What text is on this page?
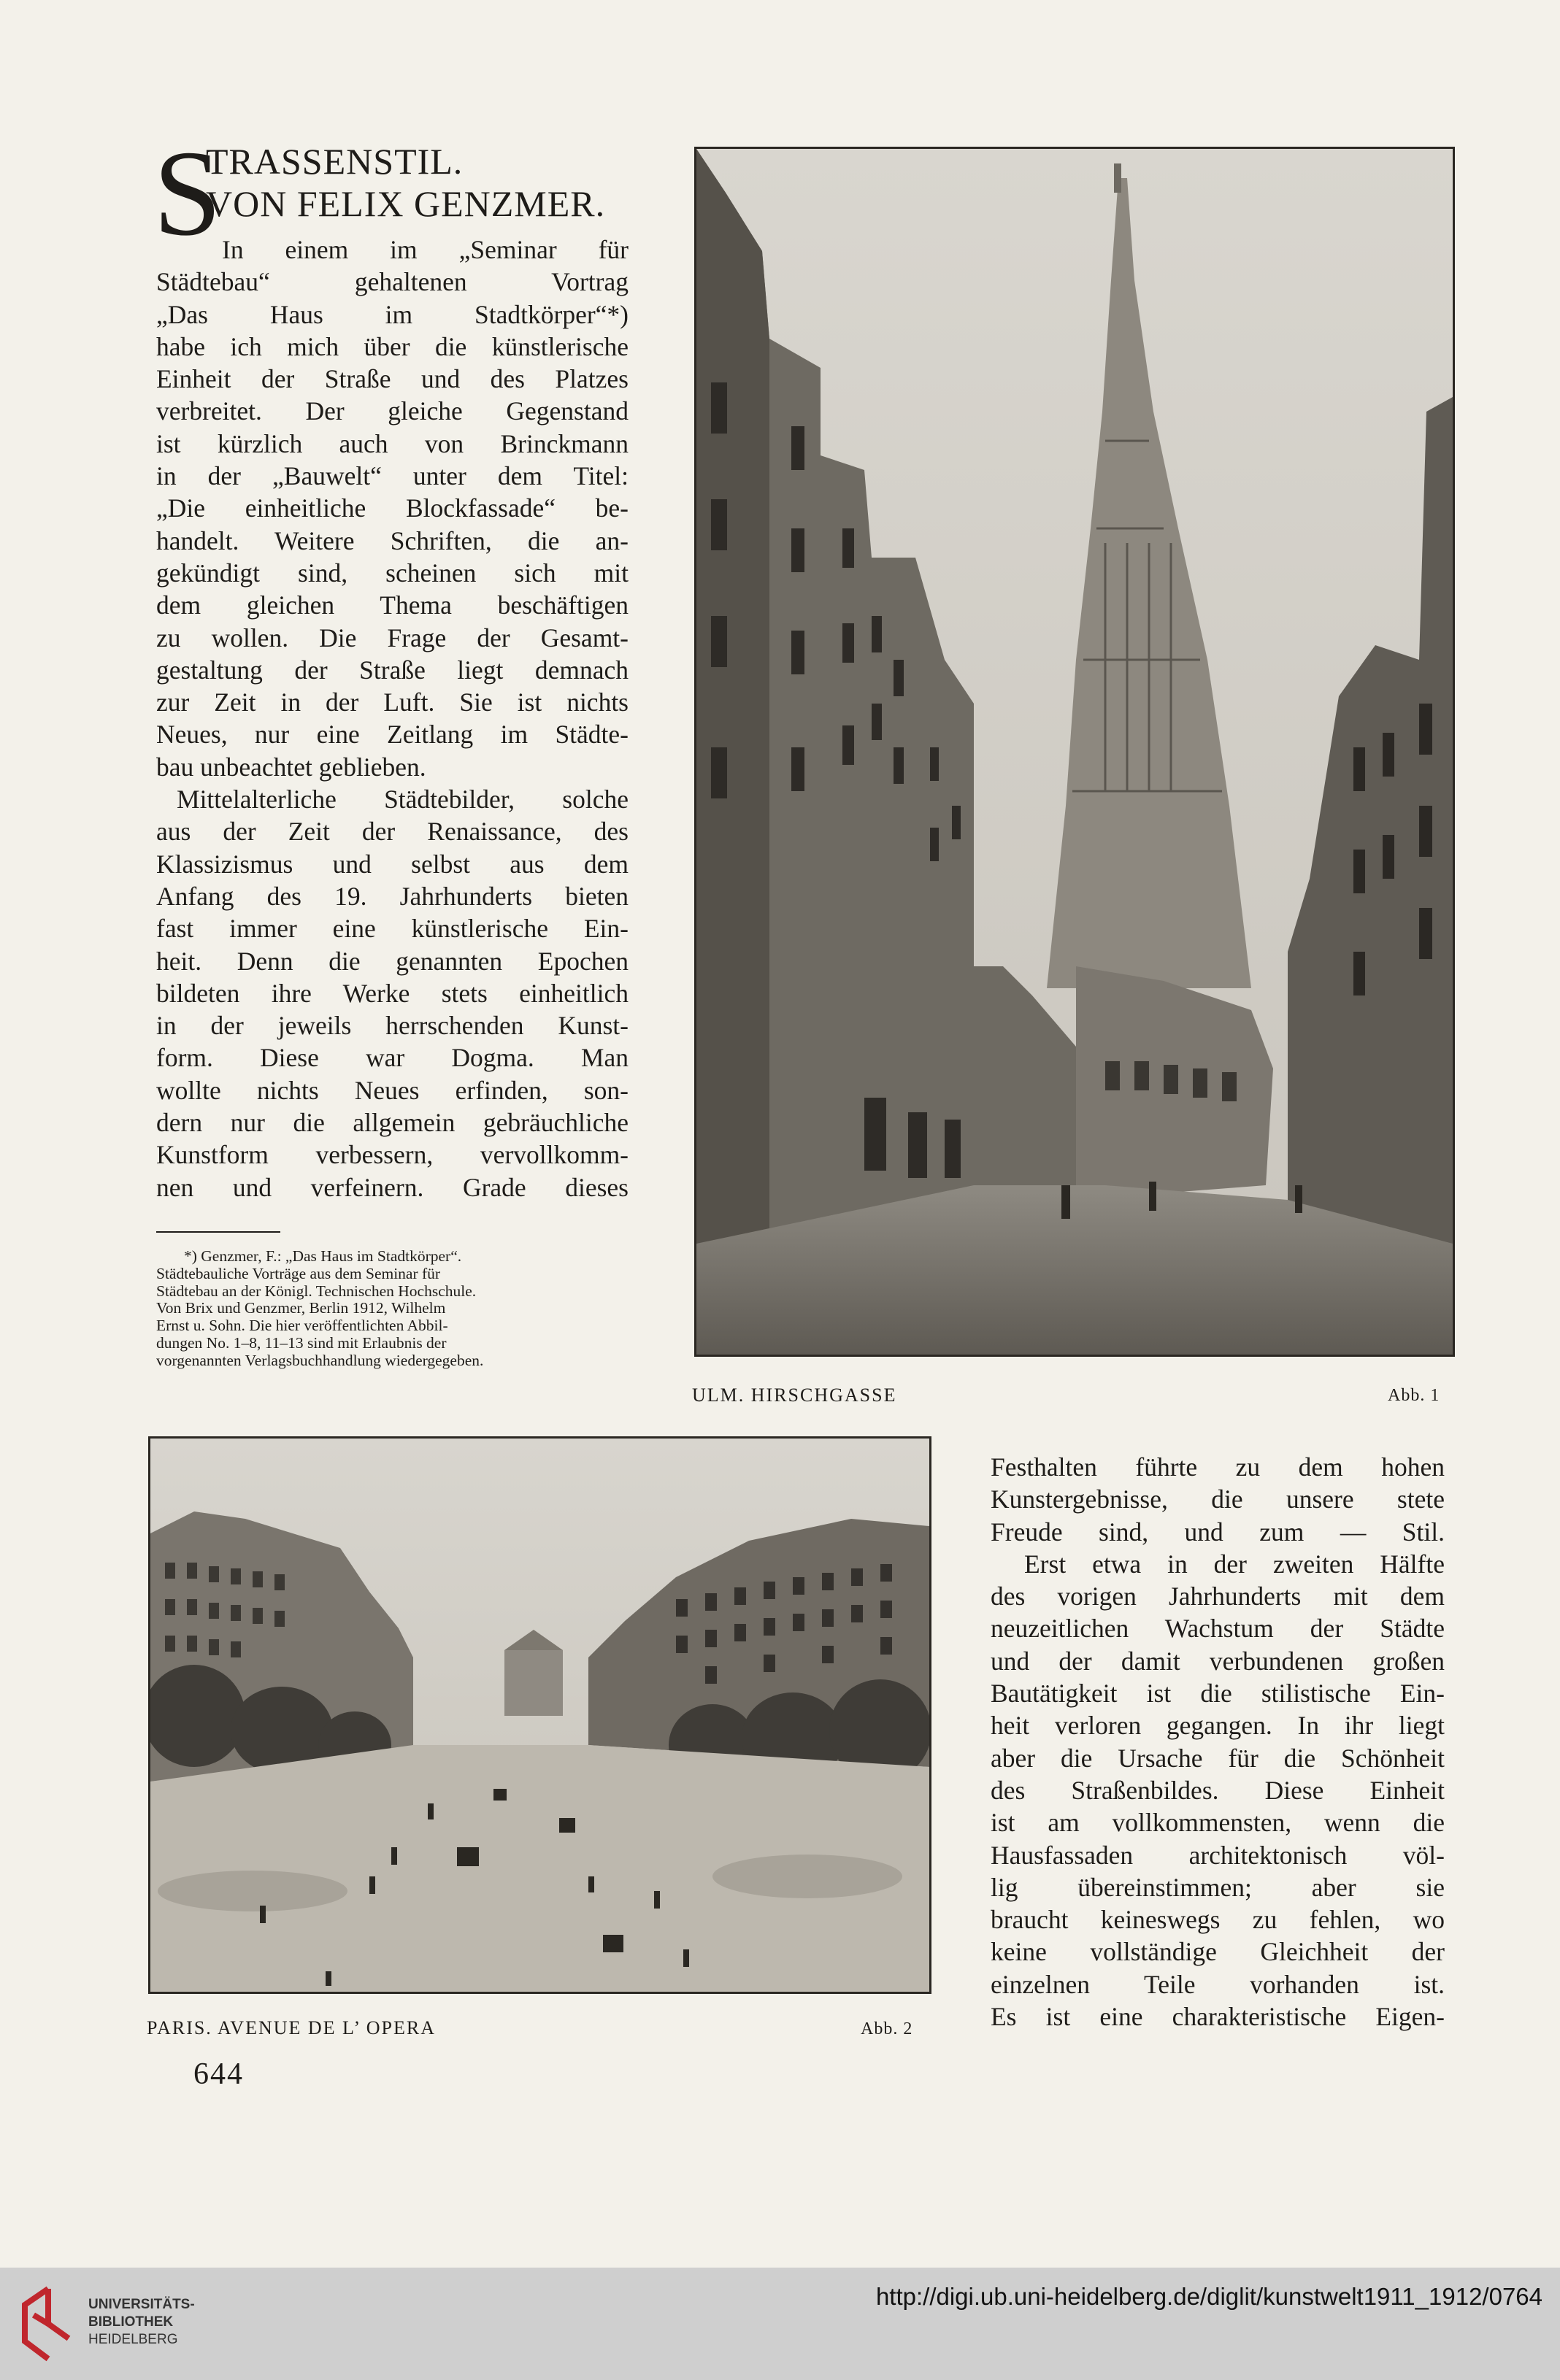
S
TRASSENSTIL.
VON FELIX GENZMER.
In einem im „Seminar für
Städtebau“ gehaltenen Vortrag
„Das Haus im Stadtkörper“*)
habe ich mich über die künstlerische
Einheit der Straße und des Platzes
verbreitet. Der gleiche Gegenstand
ist kürzlich auch von Brinckmann
in der „Bauwelt“ unter dem Titel:
„Die einheitliche Blockfassade“ be-
handelt. Weitere Schriften, die an-
gekündigt sind, scheinen sich mit
dem gleichen Thema beschäftigen
zu wollen. Die Frage der Gesamt-
gestaltung der Straße liegt demnach
zur Zeit in der Luft. Sie ist nichts
Neues, nur eine Zeitlang im Städte-
bau unbeachtet geblieben.
Mittelalterliche Städtebilder, solche
aus der Zeit der Renaissance, des
Klassizismus und selbst aus dem
Anfang des 19. Jahrhunderts bieten
fast immer eine künstlerische Ein-
heit. Denn die genannten Epochen
bildeten ihre Werke stets einheitlich
in der jeweils herrschenden Kunst-
form. Diese war Dogma. Man
wollte nichts Neues erfinden, son-
dern nur die allgemein gebräuchliche
Kunstform verbessern, vervollkomm-
nen und verfeinern. Grade dieses
*) Genzmer, F.: „Das Haus im Stadtkörper“.
Städtebauliche Vorträge aus dem Seminar für
Städtebau an der Königl. Technischen Hochschule.
Von Brix und Genzmer, Berlin 1912, Wilhelm
Ernst u. Sohn. Die hier veröffentlichten Abbil-
dungen No. 1–8, 11–13 sind mit Erlaubnis der
vorgenannten Verlagsbuchhandlung wiedergegeben.
ULM. HIRSCHGASSE	Abb. 1
PARIS. AVENUE DE L’ OPERA	Abb. 2
Festhalten führte zu dem hohen
Kunstergebnisse, die unsere stete
Freude sind, und zum — Stil.
Erst etwa in der zweiten Hälfte
des vorigen Jahrhunderts mit dem
neuzeitlichen Wachstum der Städte
und der damit verbundenen großen
Bautätigkeit ist die stilistische Ein-
heit verloren gegangen. In ihr liegt
aber die Ursache für die Schönheit
des Straßenbildes. Diese Einheit
ist am vollkommensten, wenn die
Hausfassaden architektonisch völ-
lig übereinstimmen; aber sie
braucht keineswegs zu fehlen, wo
keine vollständige Gleichheit der
einzelnen Teile vorhanden ist.
Es ist eine charakteristische Eigen-
644
UNIVERSITÄTS-
BIBLIOTHEK
HEIDELBERG
http://digi.ub.uni-heidelberg.de/diglit/kunstwelt1911_1912/0764
